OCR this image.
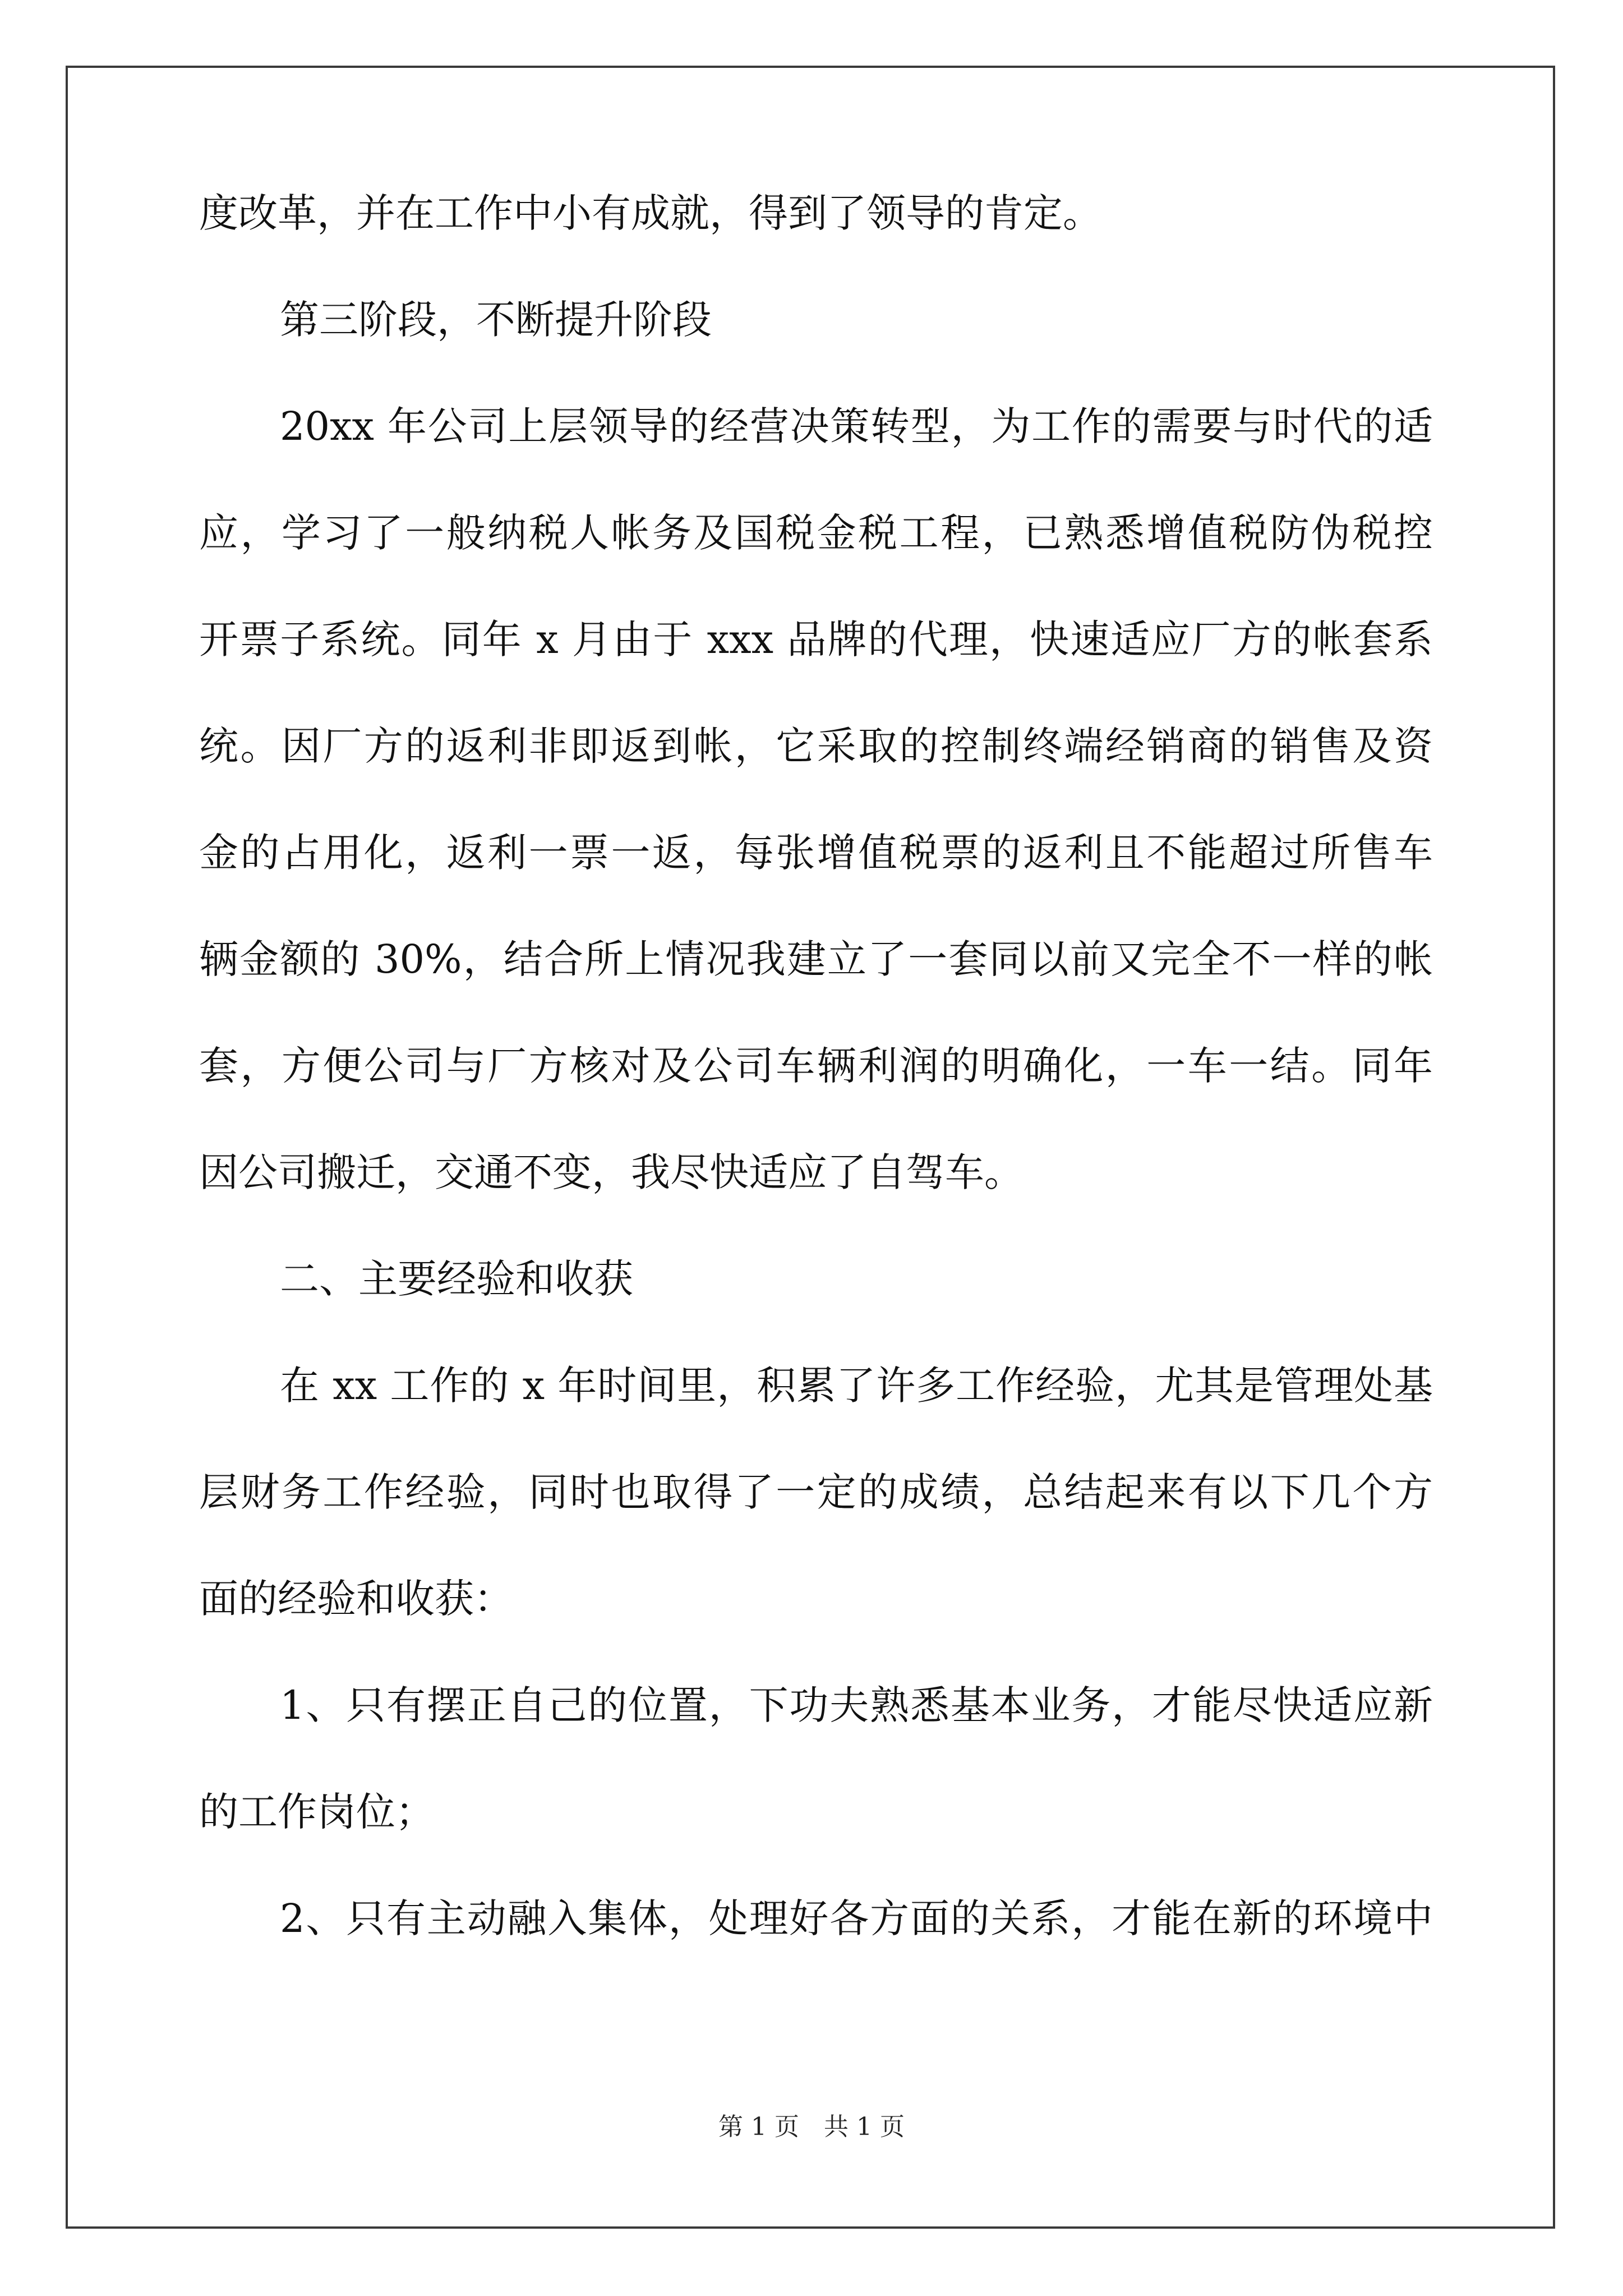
度改革，并在工作中小有成就，得到了领导的肯定。
第三阶段，不断提升阶段
20xx 年公司上层领导的经营决策转型，为工作的需要与时代的适
应，学习了一般纳税人帐务及国税金税工程，已熟悉增值税防伪税控
开票子系统。同年 x 月由于 xxx 品牌的代理，快速适应厂方的帐套系
统。因厂方的返利非即返到帐，它采取的控制终端经销商的销售及资
金的占用化，返利一票一返，每张增值税票的返利且不能超过所售车
辆金额的 30%，结合所上情况我建立了一套同以前又完全不一样的帐
套，方便公司与厂方核对及公司车辆利润的明确化，一车一结。同年
因公司搬迁，交通不变，我尽快适应了自驾车。
二、主要经验和收获
在 xx 工作的 x 年时间里，积累了许多工作经验，尤其是管理处基
层财务工作经验，同时也取得了一定的成绩，总结起来有以下几个方
面的经验和收获：
1、只有摆正自己的位置，下功夫熟悉基本业务，才能尽快适应新
的工作岗位；
2、只有主动融入集体，处理好各方面的关系，才能在新的环境中
第 1 页　共 1 页
